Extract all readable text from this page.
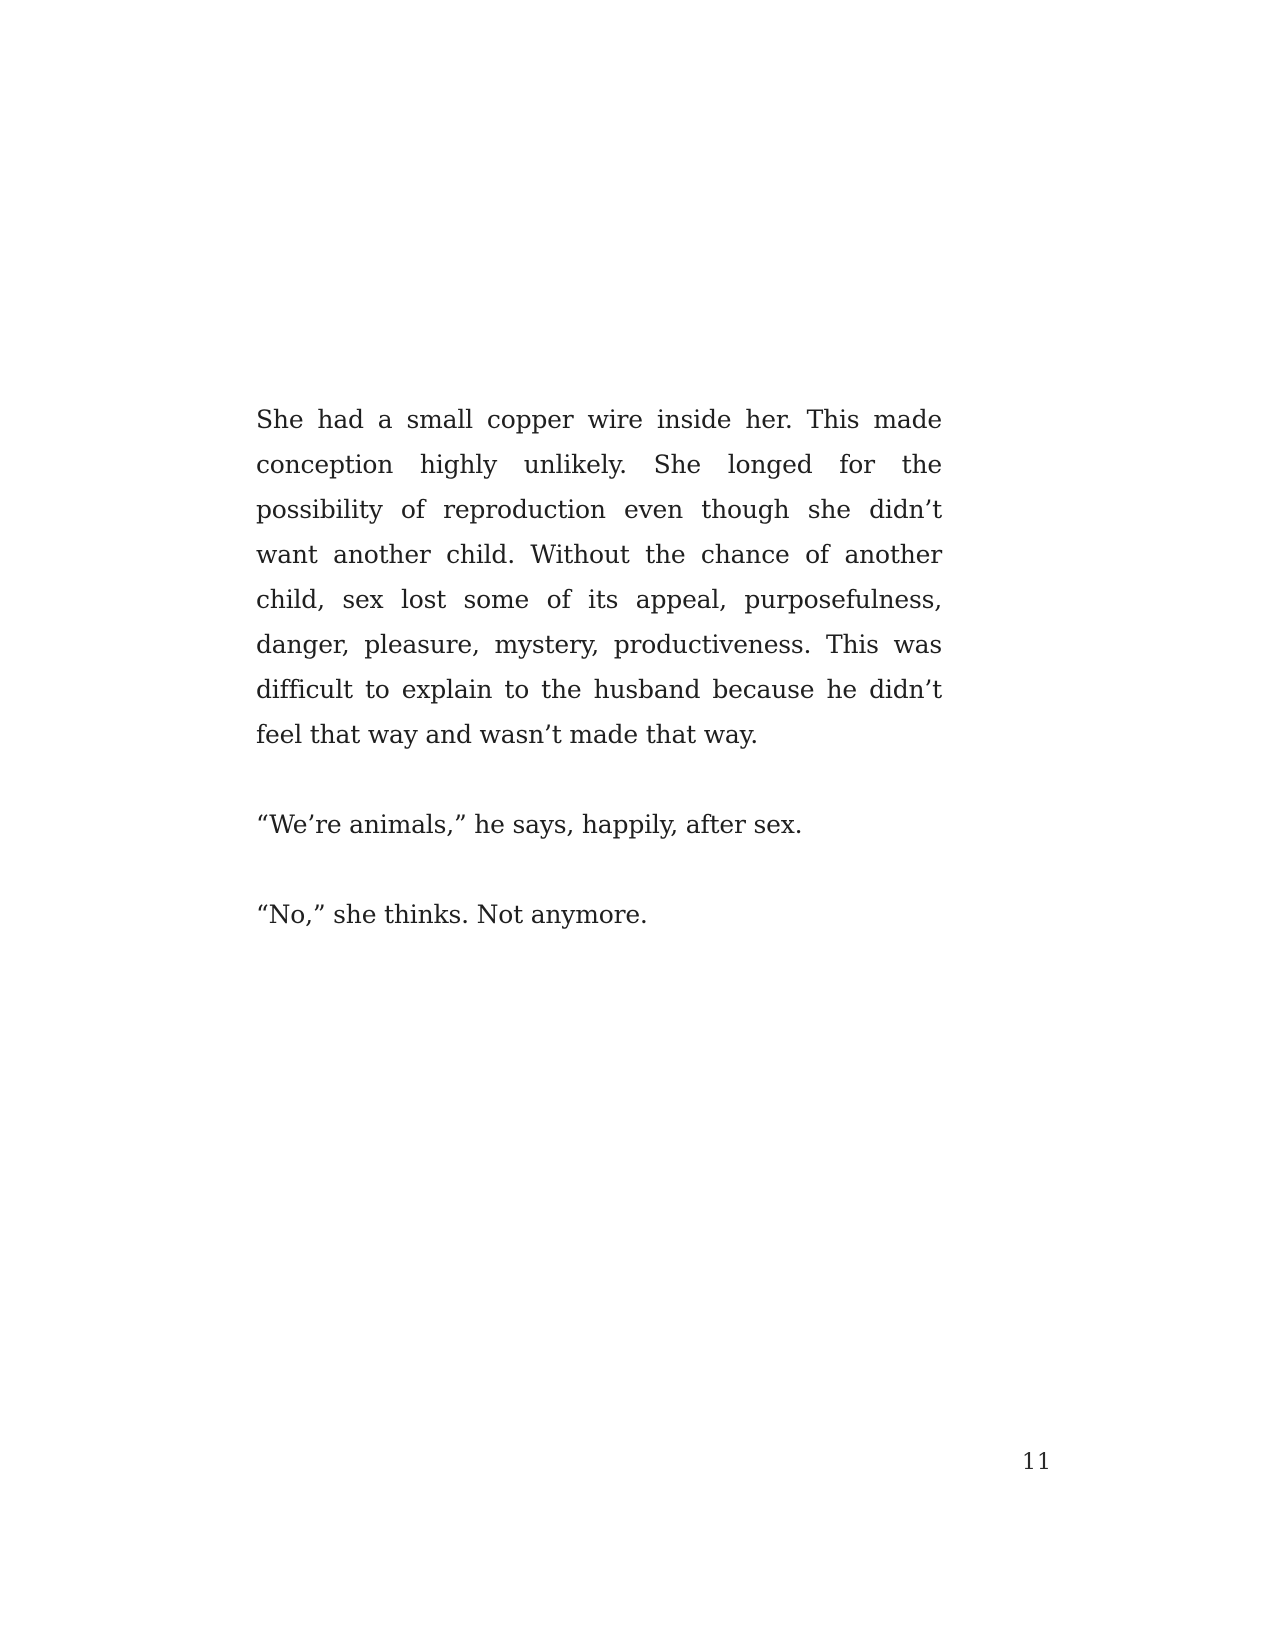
She had a small copper wire inside her. This made conception highly unlikely. She longed for the possibility of reproduction even though she didn’t want another child. Without the chance of another child, sex lost some of its appeal, purposefulness, danger, pleasure, mystery, productiveness. This was difficult to explain to the husband because he didn’t feel that way and wasn’t made that way.

“We’re animals,” he says, happily, after sex.

“No,” she thinks. Not anymore.

11
